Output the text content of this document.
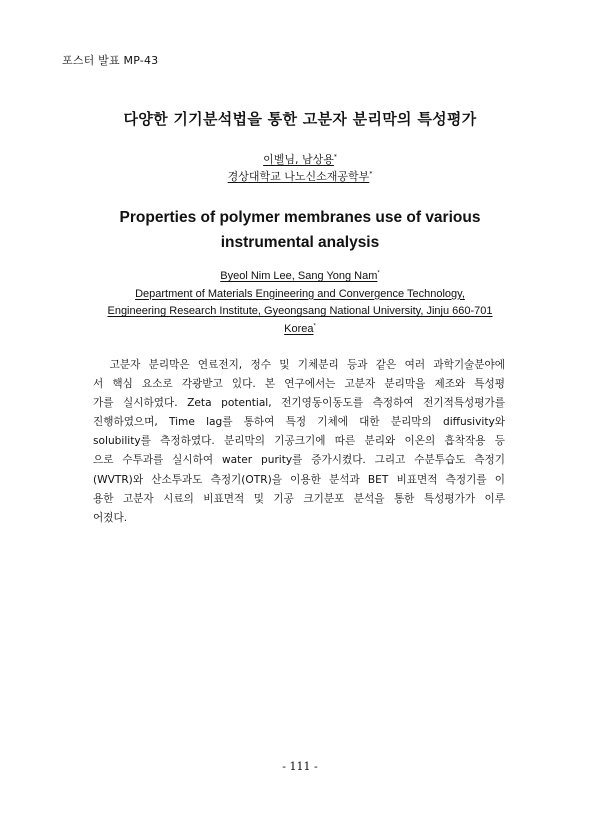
포스터 발표 MP-43
다양한 기기분석법을 통한 고분자 분리막의 특성평가
이벨님, 남상용*
경상대학교 나노신소재공학부*
Properties of polymer membranes use of various
instrumental analysis
Byeol Nim Lee, Sang Yong Nam*
Department of Materials Engineering and Convergence Technology,
Engineering Research Institute, Gyeongsang National University, Jinju 660-701
Korea*
고분자 분리막은 연료전지, 정수 및 기체분리 등과 같은 여러 과학기술분야에
서 핵심 요소로 각광받고 있다. 본 연구에서는 고분자 분리막을 제조와 특성평
가를 실시하였다. Zeta potential, 전기영동이동도를 측정하여 전기적특성평가를
진행하였으며, Time lag를 통하여 특정 기체에 대한 분리막의 diffusivity와
solubility를 측정하였다. 분리막의 기공크기에 따른 분리와 이온의 흡착작용 등
으로 수투과를 실시하여 water purity를 증가시켰다. 그리고 수분투습도 측정기
(WVTR)와 산소투과도 측정기(OTR)을 이용한 분석과 BET 비표면적 측정기를 이
용한 고분자 시료의 비표면적 및 기공 크기분포 분석을 통한 특성평가가 이루
어졌다.
- 111 -
